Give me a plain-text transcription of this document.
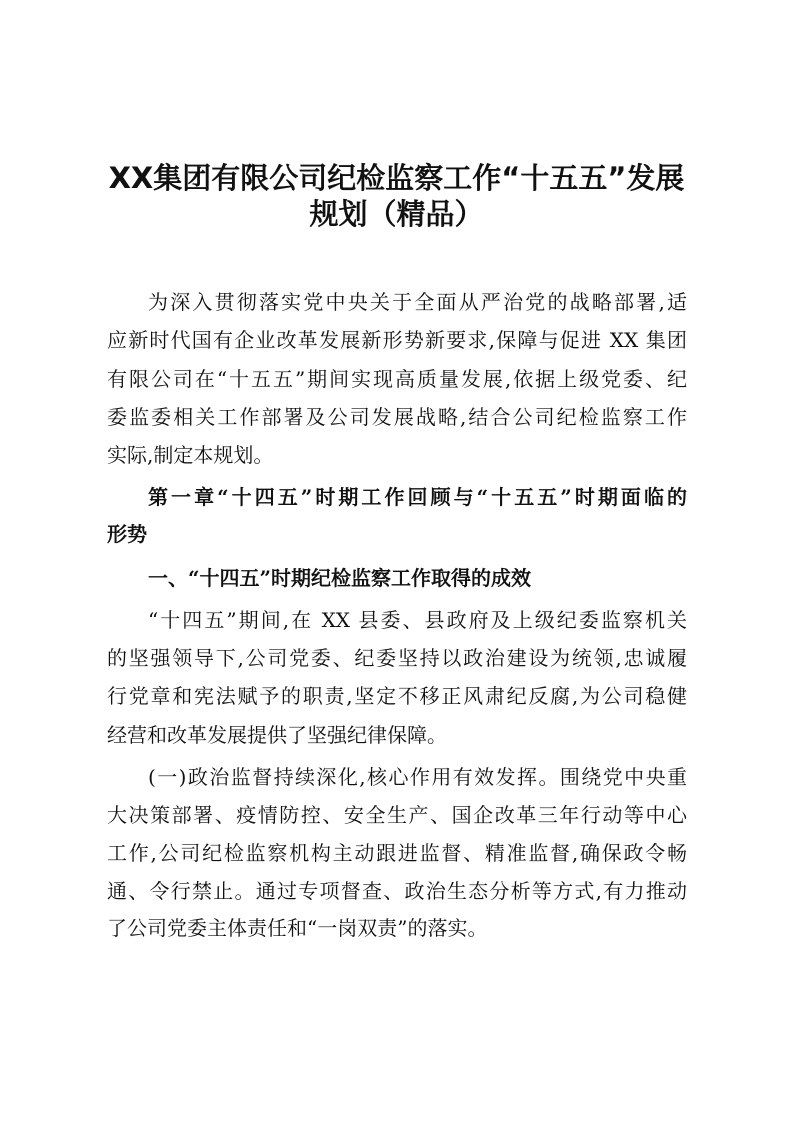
XX集团有限公司纪检监察工作“十五五”发展
规划（精品）
为深入贯彻落实党中央关于全面从严治党的战略部署,适
应新时代国有企业改革发展新形势新要求,保障与促进 XX 集团
有限公司在“十五五”期间实现高质量发展,依据上级党委、纪
委监委相关工作部署及公司发展战略,结合公司纪检监察工作
实际,制定本规划。
第一章“十四五”时期工作回顾与“十五五”时期面临的
形势
一、“十四五”时期纪检监察工作取得的成效
“十四五”期间,在 XX 县委、县政府及上级纪委监察机关
的坚强领导下,公司党委、纪委坚持以政治建设为统领,忠诚履
行党章和宪法赋予的职责,坚定不移正风肃纪反腐,为公司稳健
经营和改革发展提供了坚强纪律保障。
(一)政治监督持续深化,核心作用有效发挥。围绕党中央重
大决策部署、疫情防控、安全生产、国企改革三年行动等中心
工作,公司纪检监察机构主动跟进监督、精准监督,确保政令畅
通、令行禁止。通过专项督查、政治生态分析等方式,有力推动
了公司党委主体责任和“一岗双责”的落实。
